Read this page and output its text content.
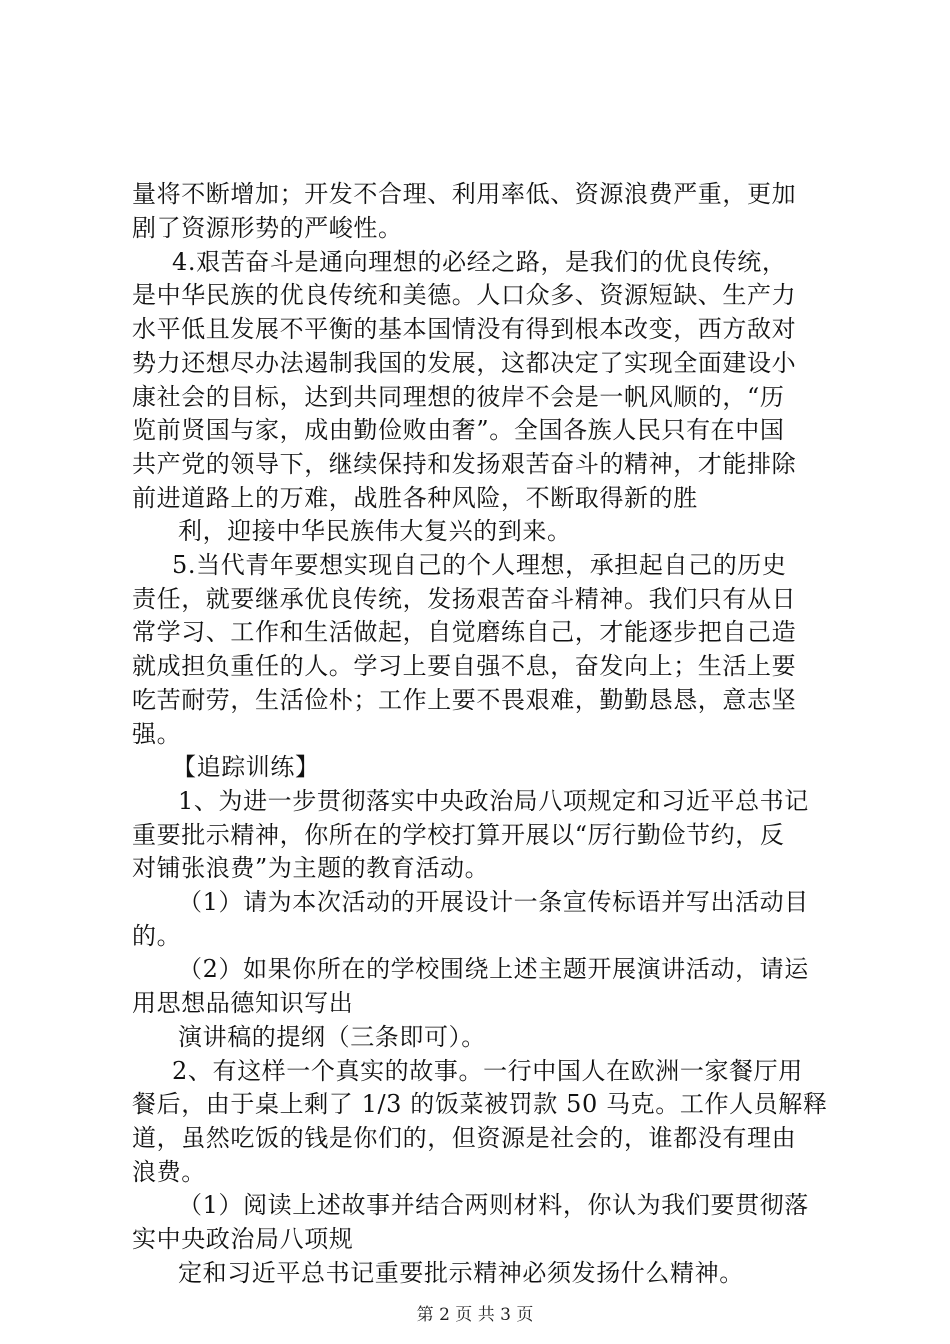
量将不断增加；开发不合理、利用率低、资源浪费严重，更加
剧了资源形势的严峻性。
4.艰苦奋斗是通向理想的必经之路，是我们的优良传统，
是中华民族的优良传统和美德。人口众多、资源短缺、生产力
水平低且发展不平衡的基本国情没有得到根本改变，西方敌对
势力还想尽办法遏制我国的发展，这都决定了实现全面建设小
康社会的目标，达到共同理想的彼岸不会是一帆风顺的，“历
览前贤国与家，成由勤俭败由奢”。全国各族人民只有在中国
共产党的领导下，继续保持和发扬艰苦奋斗的精神，才能排除
前进道路上的万难，战胜各种风险，不断取得新的胜
利，迎接中华民族伟大复兴的到来。
5.当代青年要想实现自己的个人理想，承担起自己的历史
责任，就要继承优良传统，发扬艰苦奋斗精神。我们只有从日
常学习、工作和生活做起，自觉磨练自己，才能逐步把自己造
就成担负重任的人。学习上要自强不息，奋发向上；生活上要
吃苦耐劳，生活俭朴；工作上要不畏艰难，勤勤恳恳，意志坚
强。
【追踪训练】
1、为进一步贯彻落实中央政治局八项规定和习近平总书记
重要批示精神，你所在的学校打算开展以“厉行勤俭节约，反
对铺张浪费”为主题的教育活动。
（1）请为本次活动的开展设计一条宣传标语并写出活动目
的。
（2）如果你所在的学校围绕上述主题开展演讲活动，请运
用思想品德知识写出
演讲稿的提纲（三条即可）。
2、有这样一个真实的故事。一行中国人在欧洲一家餐厅用
餐后，由于桌上剩了 1/3 的饭菜被罚款 50 马克。工作人员解释
道，虽然吃饭的钱是你们的，但资源是社会的，谁都没有理由
浪费。
（1）阅读上述故事并结合两则材料，你认为我们要贯彻落
实中央政治局八项规
定和习近平总书记重要批示精神必须发扬什么精神。
第 2 页 共 3 页
